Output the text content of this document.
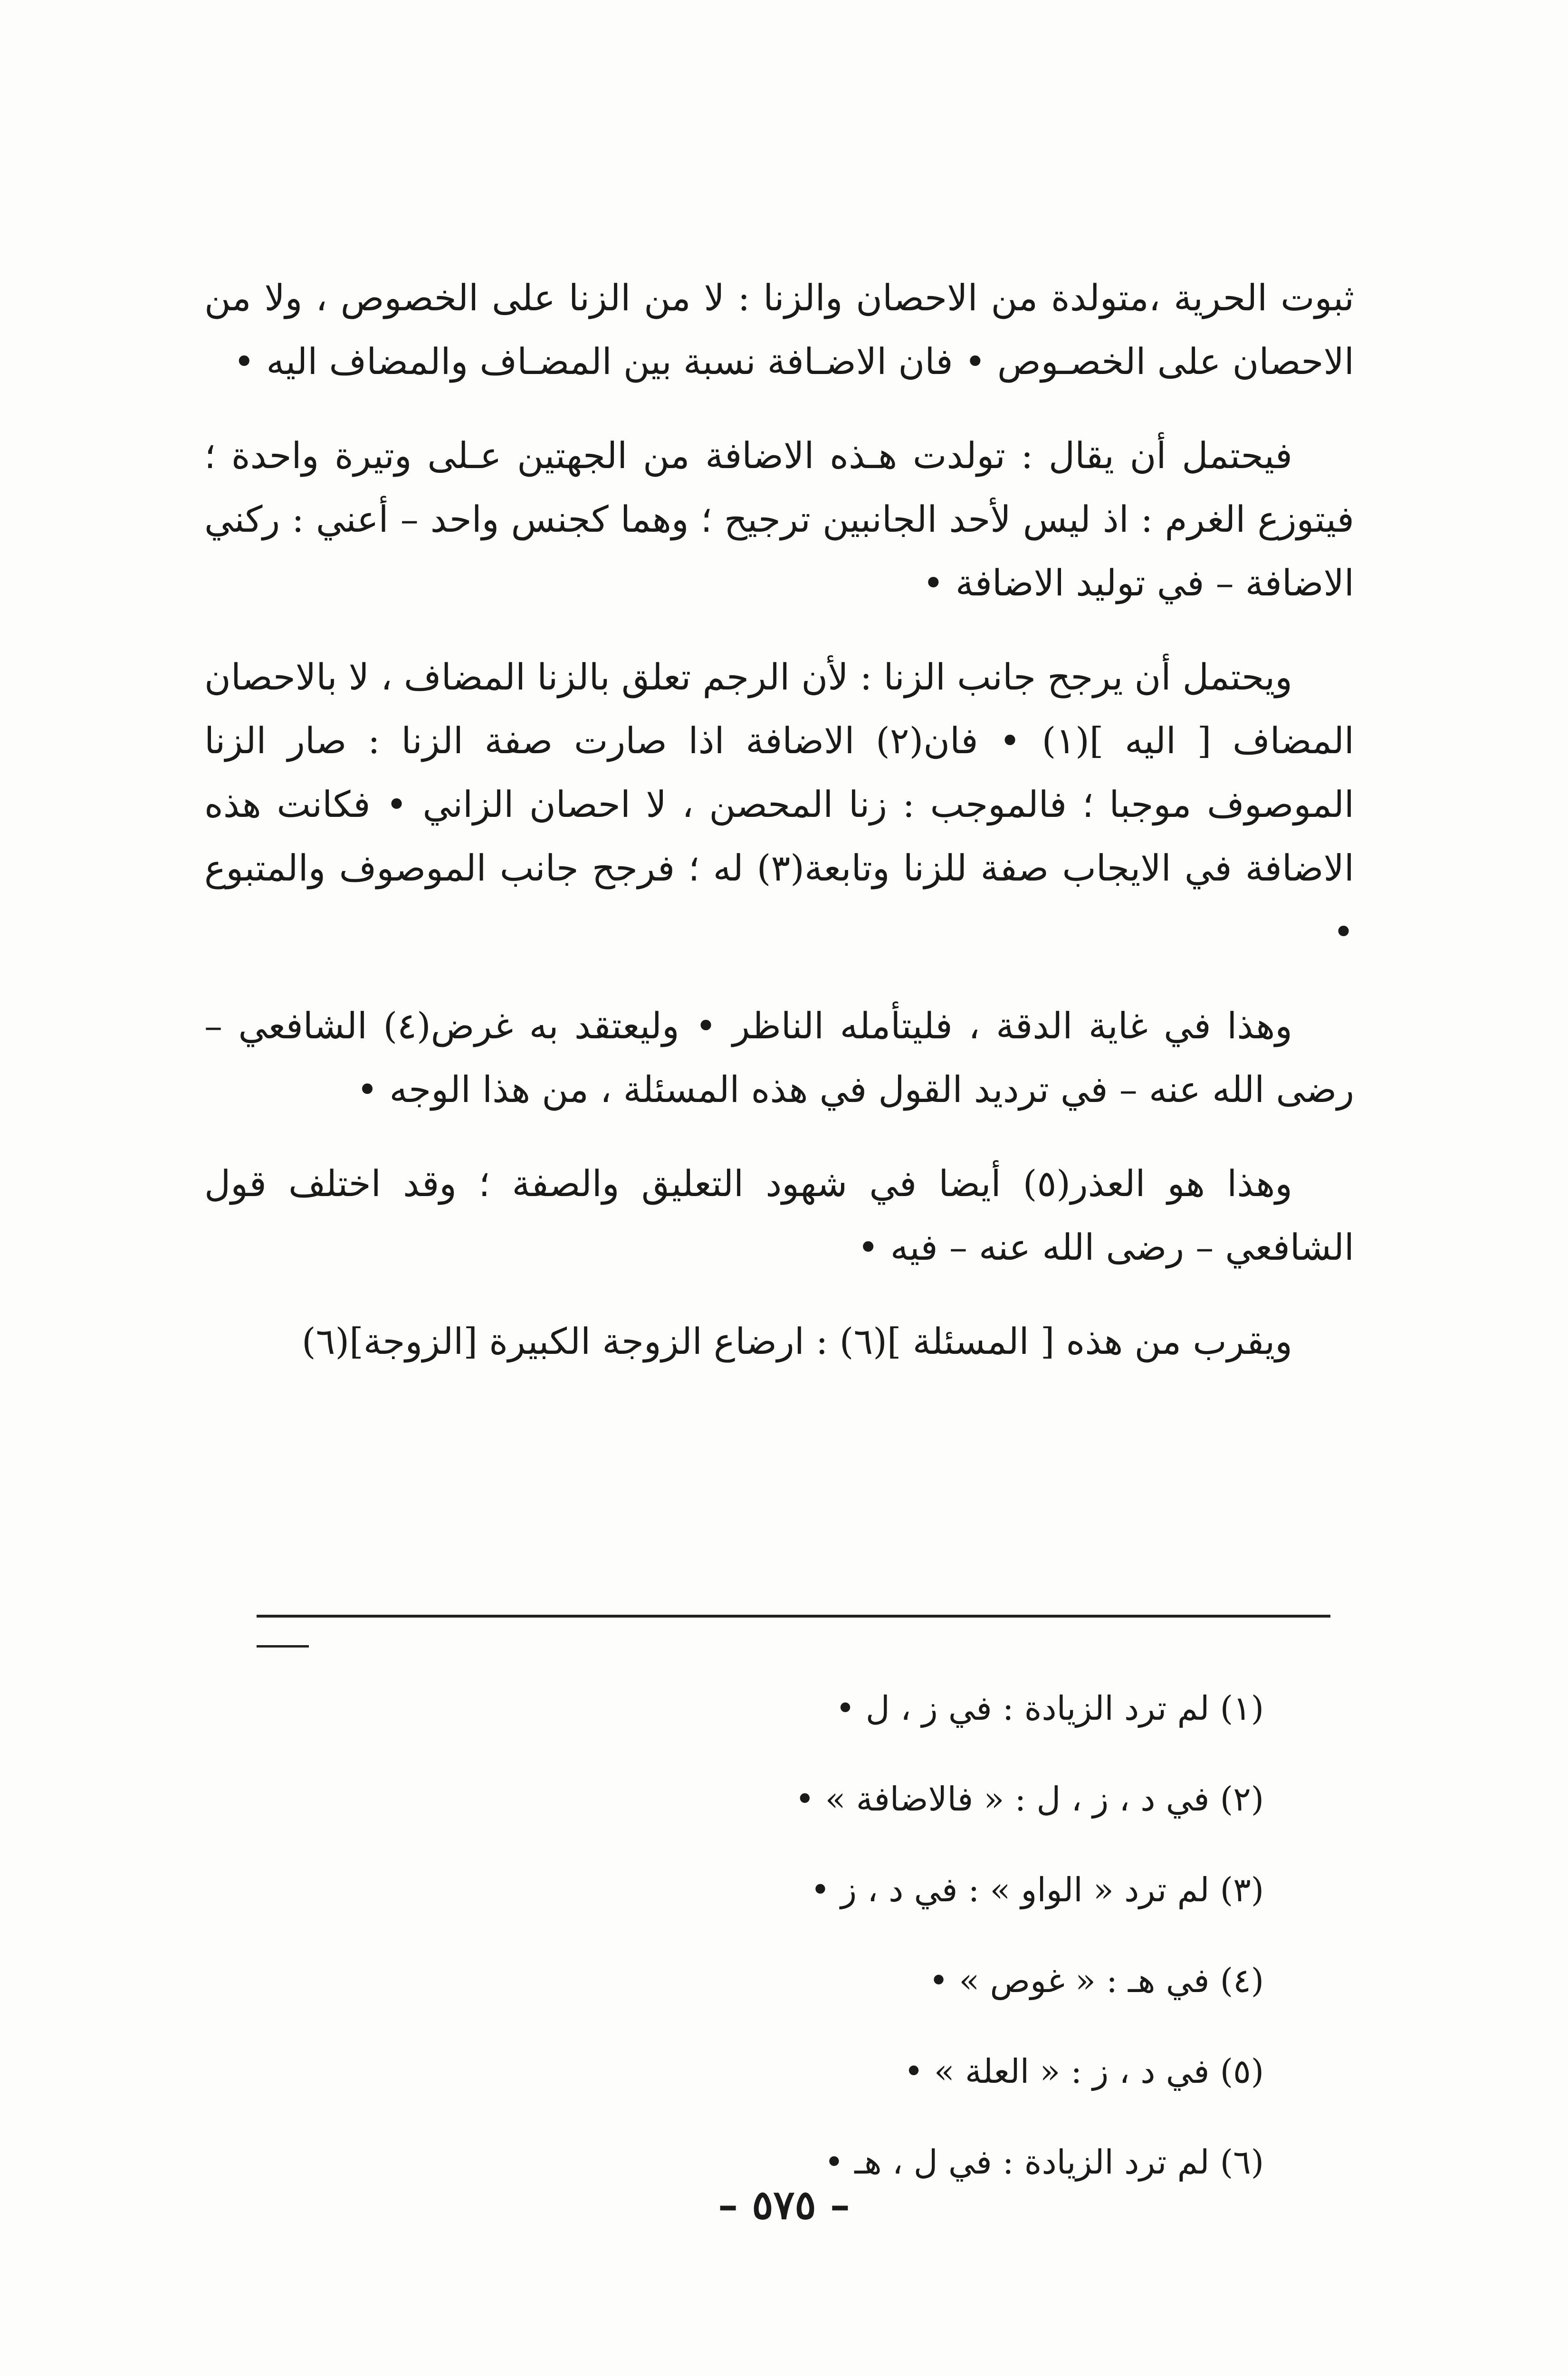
ثبوت الحرية ،متولدة من الاحصان والزنا : لا من الزنا على الخصوص ، ولا من الاحصان على الخصـوص • فان الاضـافة نسبة بين المضـاف والمضاف اليه •

فيحتمل أن يقال : تولدت هـذه الاضافة من الجهتين عـلى وتيرة واحدة ؛ فيتوزع الغرم : اذ ليس لأحد الجانبين ترجيح ؛ وهما كجنس واحد – أعني : ركني الاضافة – في توليد الاضافة •

ويحتمل أن يرجح جانب الزنا : لأن الرجم تعلق بالزنا المضاف ، لا بالاحصان المضاف [ اليه ](١) • فان(٢) الاضافة اذا صارت صفة الزنا : صار الزنا الموصوف موجبا ؛ فالموجب : زنا المحصن ، لا احصان الزاني • فكانت هذه الاضافة في الايجاب صفة للزنا وتابعة(٣) له ؛ فرجح جانب الموصوف والمتبوع •

وهذا في غاية الدقة ، فليتأمله الناظر • وليعتقد به غرض(٤) الشافعي – رضى الله عنه – في ترديد القول في هذه المسئلة ، من هذا الوجه •

وهذا هو العذر(٥) أيضا في شهود التعليق والصفة ؛ وقد اختلف قول الشافعي – رضى الله عنه – فيه •

ويقرب من هذه [ المسئلة ](٦) : ارضاع الزوجة الكبيرة [الزوجة](٦)

(١) لم ترد الزيادة : في ز ، ل •

(٢) في د ، ز ، ل : « فالاضافة » •

(٣) لم ترد « الواو » : في د ، ز •

(٤) في هـ : « غوص » •

(٥) في د ، ز : « العلة » •

(٦) لم ترد الزيادة : في ل ، هـ •

– ٥٧٥ –
